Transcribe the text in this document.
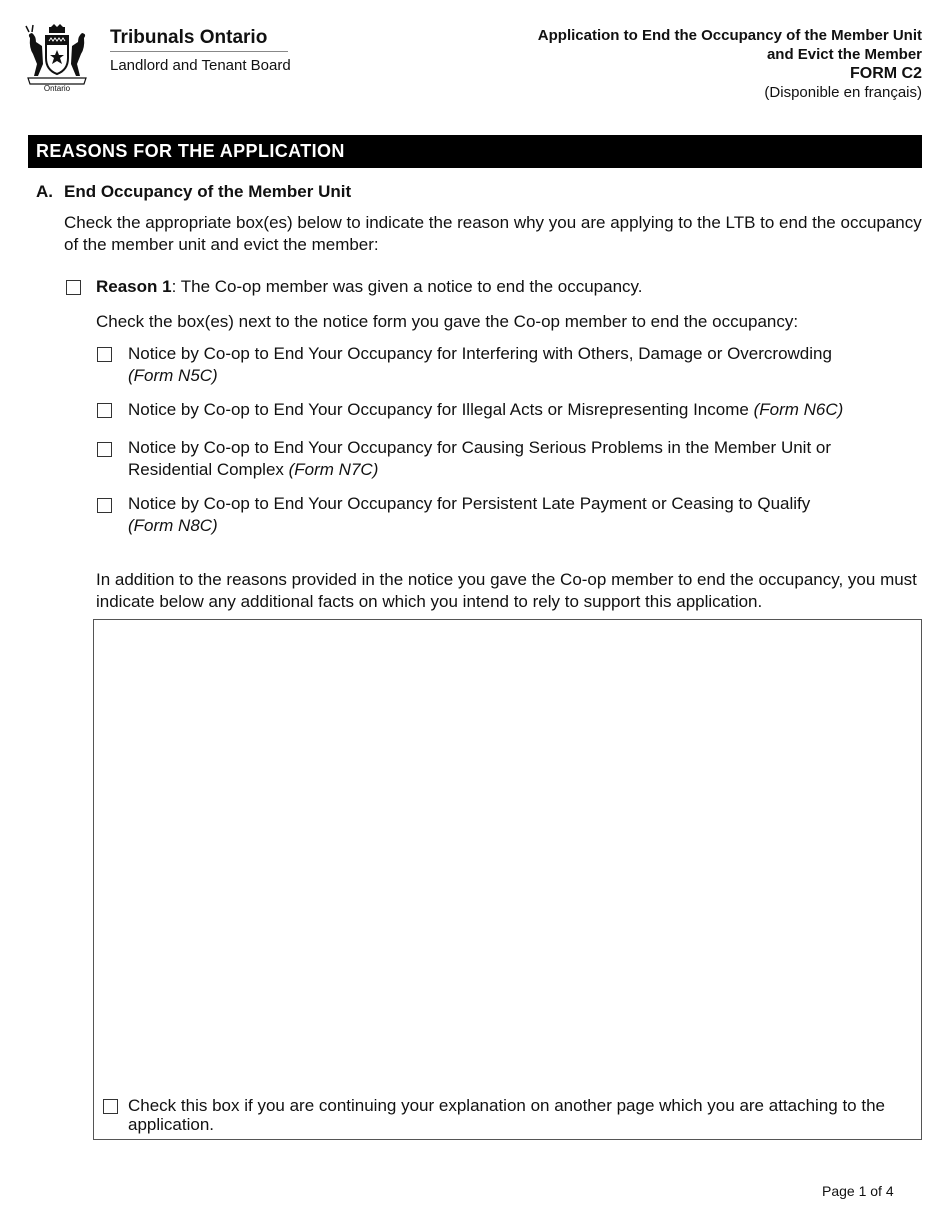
Ontario
Tribunals Ontario
Landlord and Tenant Board
Application to End the Occupancy of the Member Unit
and Evict the Member
FORM C2
(Disponible en français)
REASONS FOR THE APPLICATION
A. End Occupancy of the Member Unit
Check the appropriate box(es) below to indicate the reason why you are applying to the LTB to end the occupancy of the member unit and evict the member:
Reason 1: The Co-op member was given a notice to end the occupancy.
Check the box(es) next to the notice form you gave the Co-op member to end the occupancy:
Notice by Co-op to End Your Occupancy for Interfering with Others, Damage or Overcrowding
(Form N5C)
Notice by Co-op to End Your Occupancy for Illegal Acts or Misrepresenting Income (Form N6C)
Notice by Co-op to End Your Occupancy for Causing Serious Problems in the Member Unit or Residential Complex (Form N7C)
Notice by Co-op to End Your Occupancy for Persistent Late Payment or Ceasing to Qualify
(Form N8C)
In addition to the reasons provided in the notice you gave the Co-op member to end the occupancy, you must indicate below any additional facts on which you intend to rely to support this application.
Check this box if you are continuing your explanation on another page which you are attaching to the application.
Page 1 of 4
